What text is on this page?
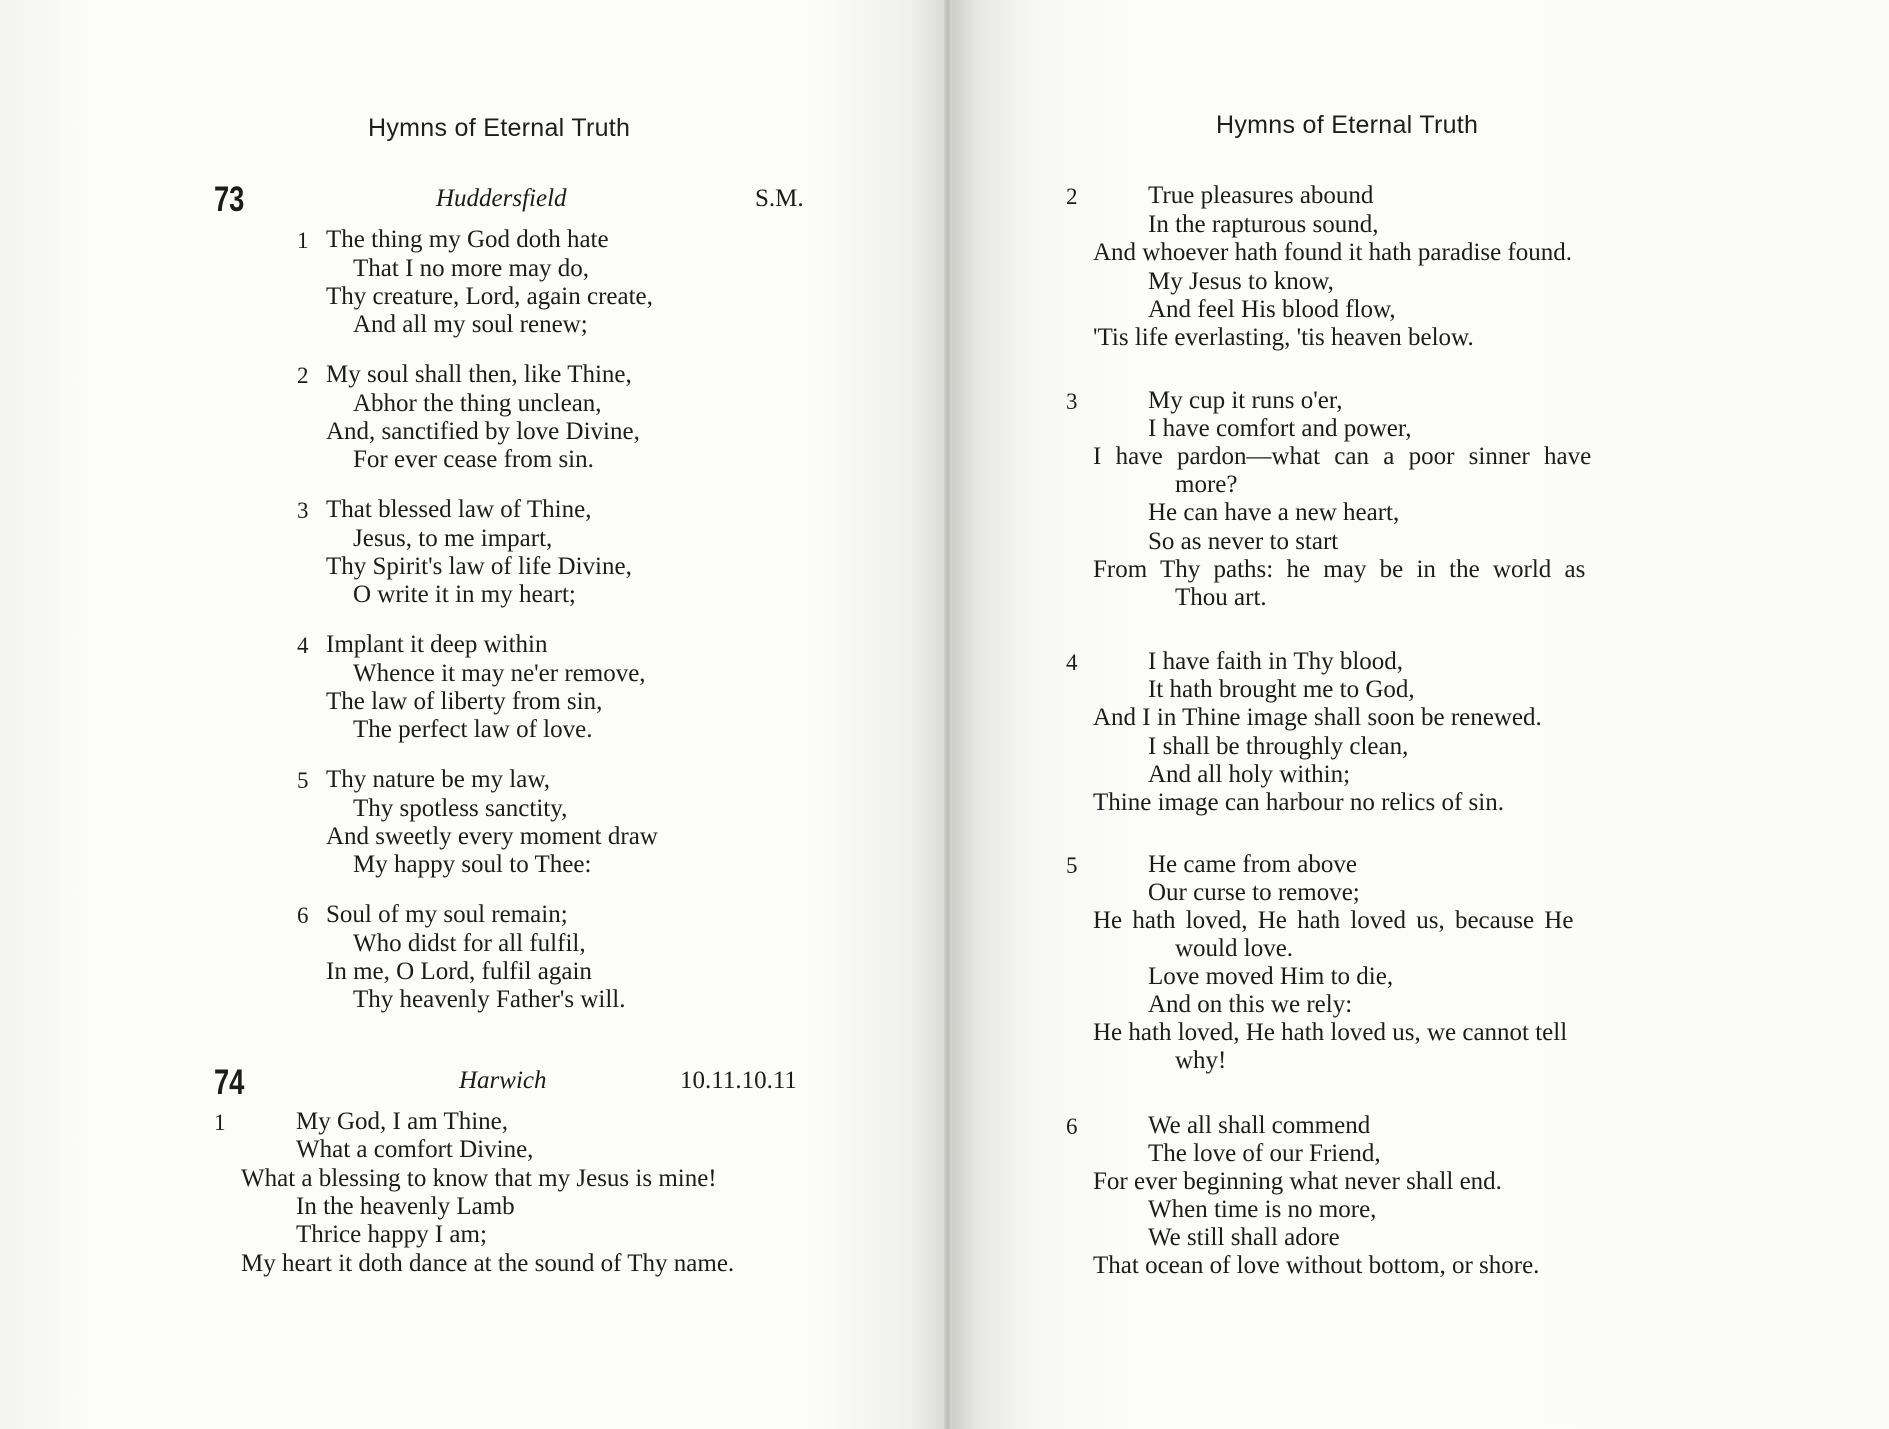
Hymns of Eternal Truth
73	Huddersfield	S.M.
1 The thing my God doth hate
That I no more may do,
Thy creature, Lord, again create,
And all my soul renew;
2 My soul shall then, like Thine,
Abhor the thing unclean,
And, sanctified by love Divine,
For ever cease from sin.
3 That blessed law of Thine,
Jesus, to me impart,
Thy Spirit's law of life Divine,
O write it in my heart;
4 Implant it deep within
Whence it may ne'er remove,
The law of liberty from sin,
The perfect law of love.
5 Thy nature be my law,
Thy spotless sanctity,
And sweetly every moment draw
My happy soul to Thee:
6 Soul of my soul remain;
Who didst for all fulfil,
In me, O Lord, fulfil again
Thy heavenly Father's will.
74	Harwich	10.11.10.11
1	My God, I am Thine,
What a comfort Divine,
What a blessing to know that my Jesus is mine!
In the heavenly Lamb
Thrice happy I am;
My heart it doth dance at the sound of Thy name.
Hymns of Eternal Truth
2	True pleasures abound
In the rapturous sound,
And whoever hath found it hath paradise found.
My Jesus to know,
And feel His blood flow,
'Tis life everlasting, 'tis heaven below.
3	My cup it runs o'er,
I have comfort and power,
I have pardon—what can a poor sinner have
more?
He can have a new heart,
So as never to start
From Thy paths: he may be in the world as
Thou art.
4	I have faith in Thy blood,
It hath brought me to God,
And I in Thine image shall soon be renewed.
I shall be throughly clean,
And all holy within;
Thine image can harbour no relics of sin.
5	He came from above
Our curse to remove;
He hath loved, He hath loved us, because He
would love.
Love moved Him to die,
And on this we rely:
He hath loved, He hath loved us, we cannot tell
why!
6	We all shall commend
The love of our Friend,
For ever beginning what never shall end.
When time is no more,
We still shall adore
That ocean of love without bottom, or shore.
